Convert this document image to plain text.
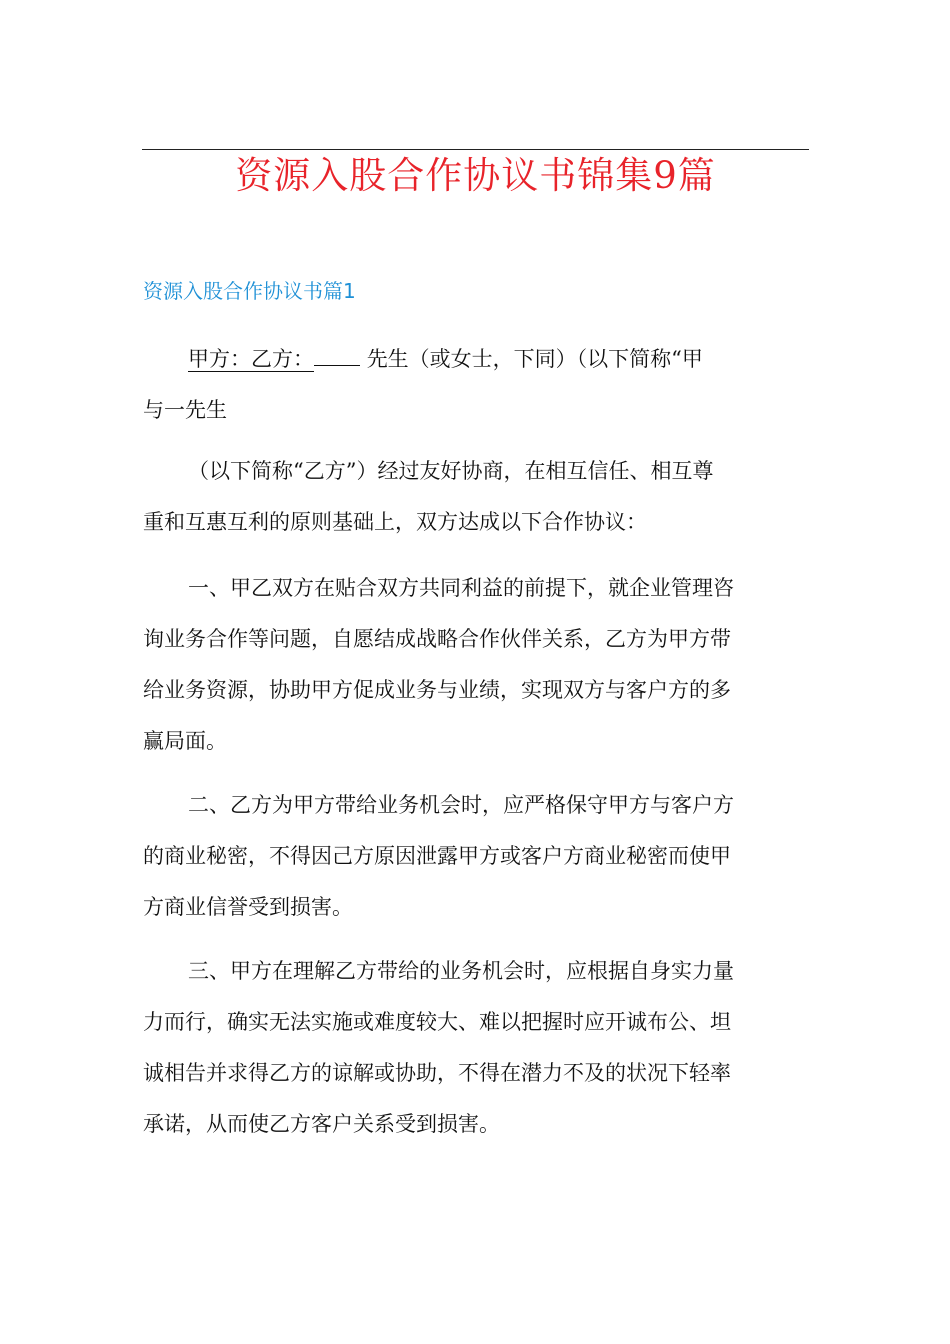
资源入股合作协议书锦集9篇
资源入股合作协议书篇1
甲方：乙方：	先生（或女士，下同）（以下简称“甲
与一先生
（以下简称“乙方”）经过友好协商，在相互信任、相互尊
重和互惠互利的原则基础上，双方达成以下合作协议：
一、甲乙双方在贴合双方共同利益的前提下，就企业管理咨
询业务合作等问题，自愿结成战略合作伙伴关系，乙方为甲方带
给业务资源，协助甲方促成业务与业绩，实现双方与客户方的多
赢局面。
二、乙方为甲方带给业务机会时，应严格保守甲方与客户方
的商业秘密，不得因己方原因泄露甲方或客户方商业秘密而使甲
方商业信誉受到损害。
三、甲方在理解乙方带给的业务机会时，应根据自身实力量
力而行，确实无法实施或难度较大、难以把握时应开诚布公、坦
诚相告并求得乙方的谅解或协助，不得在潜力不及的状况下轻率
承诺，从而使乙方客户关系受到损害。
